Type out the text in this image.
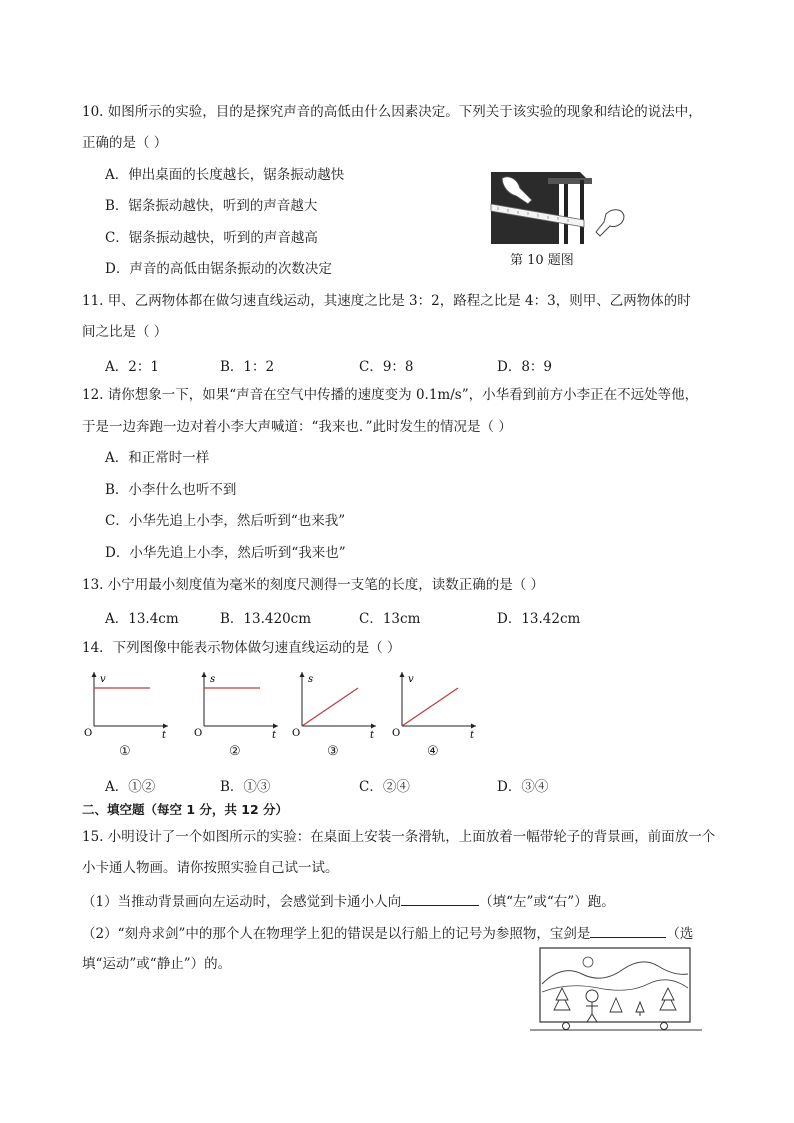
10. 如图所示的实验，目的是探究声音的高低由什么因素决定。下列关于该实验的现象和结论的说法中，
正确的是（ ）
A．伸出桌面的长度越长，锯条振动越快
B．锯条振动越快，听到的声音越大
C．锯条振动越快，听到的声音越高
D．声音的高低由锯条振动的次数决定
第 10 题图
11. 甲、乙两物体都在做匀速直线运动，其速度之比是 3：2，路程之比是 4：3，则甲、乙两物体的时
间之比是（ ）
A．2：1	B．1：2	C．9：8	D．8：9
12. 请你想象一下，如果“声音在空气中传播的速度变为 0.1m/s”，小华看到前方小李正在不远处等他，
于是一边奔跑一边对着小李大声喊道：“我来也．”此时发生的情况是（ ）
A．和正常时一样
B．小李什么也听不到
C．小华先追上小李，然后听到“也来我”
D．小华先追上小李，然后听到“我来也”
13. 小宁用最小刻度值为毫米的刻度尺测得一支笔的长度，读数正确的是（ ）
A．13.4cm	B．13.420cm	C．13cm	D．13.42cm
14．下列图像中能表示物体做匀速直线运动的是（ ）
v
t
O
①
s
t
O
②
s
t
O
③
v
t
O
④
A．①②	B．①③	C．②④	D．③④
二、填空题（每空 1 分，共 12 分）
15. 小明设计了一个如图所示的实验：在桌面上安装一条滑轨，上面放着一幅带轮子的背景画，前面放一个
小卡通人物画。请你按照实验自己试一试。
（1）当推动背景画向左运动时，会感觉到卡通小人向	（填“左”或“右”）跑。
（2）“刻舟求剑”中的那个人在物理学上犯的错误是以行船上的记号为参照物，宝剑是	（选
填“运动”或“静止”）的。
